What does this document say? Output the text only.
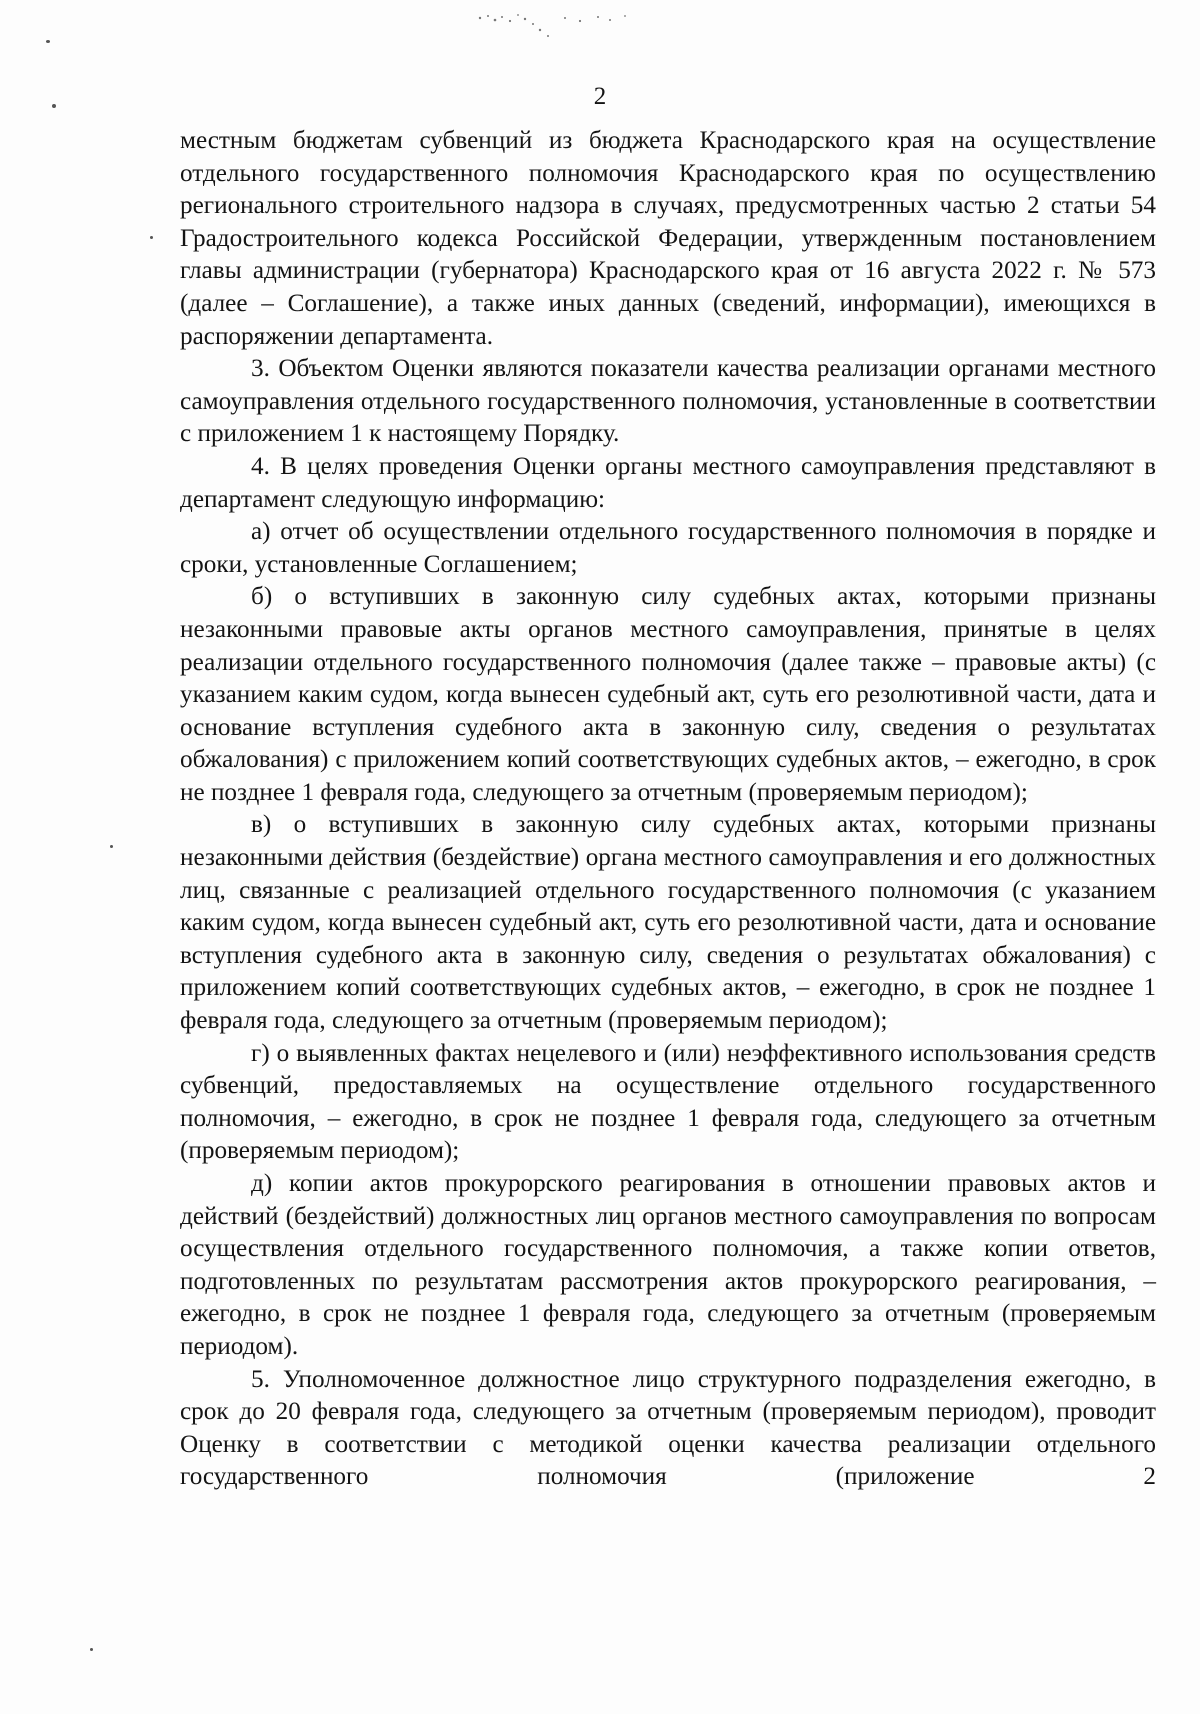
2

местным бюджетам субвенций из бюджета Краснодарского края на осуществление отдельного государственного полномочия Краснодарского края по осуществлению регионального строительного надзора в случаях, предусмотренных частью 2 статьи 54 Градостроительного кодекса Российской Федерации, утвержденным постановлением главы администрации (губернатора) Краснодарского края от 16 августа 2022 г. № 573 (далее – Соглашение), а также иных данных (сведений, информации), имеющихся в распоряжении департамента.

3. Объектом Оценки являются показатели качества реализации органами местного самоуправления отдельного государственного полномочия, установленные в соответствии с приложением 1 к настоящему Порядку.

4. В целях проведения Оценки органы местного самоуправления представляют в департамент следующую информацию:

а) отчет об осуществлении отдельного государственного полномочия в порядке и сроки, установленные Соглашением;

б) о вступивших в законную силу судебных актах, которыми признаны незаконными правовые акты органов местного самоуправления, принятые в целях реализации отдельного государственного полномочия (далее также – правовые акты) (с указанием каким судом, когда вынесен судебный акт, суть его резолютивной части, дата и основание вступления судебного акта в законную силу, сведения о результатах обжалования) с приложением копий соответствующих судебных актов, – ежегодно, в срок не позднее 1 февраля года, следующего за отчетным (проверяемым периодом);

в) о вступивших в законную силу судебных актах, которыми признаны незаконными действия (бездействие) органа местного самоуправления и его должностных лиц, связанные с реализацией отдельного государственного полномочия (с указанием каким судом, когда вынесен судебный акт, суть его резолютивной части, дата и основание вступления судебного акта в законную силу, сведения о результатах обжалования) с приложением копий соответствующих судебных актов, – ежегодно, в срок не позднее 1 февраля года, следующего за отчетным (проверяемым периодом);

г) о выявленных фактах нецелевого и (или) неэффективного использования средств субвенций, предоставляемых на осуществление отдельного государственного полномочия, – ежегодно, в срок не позднее 1 февраля года, следующего за отчетным (проверяемым периодом);

д) копии актов прокурорского реагирования в отношении правовых актов и действий (бездействий) должностных лиц органов местного самоуправления по вопросам осуществления отдельного государственного полномочия, а также копии ответов, подготовленных по результатам рассмотрения актов прокурорского реагирования, – ежегодно, в срок не позднее 1 февраля года, следующего за отчетным (проверяемым периодом).

5. Уполномоченное должностное лицо структурного подразделения ежегодно, в срок до 20 февраля года, следующего за отчетным (проверяемым периодом), проводит Оценку в соответствии с методикой оценки качества реализации отдельного государственного полномочия (приложение 2
